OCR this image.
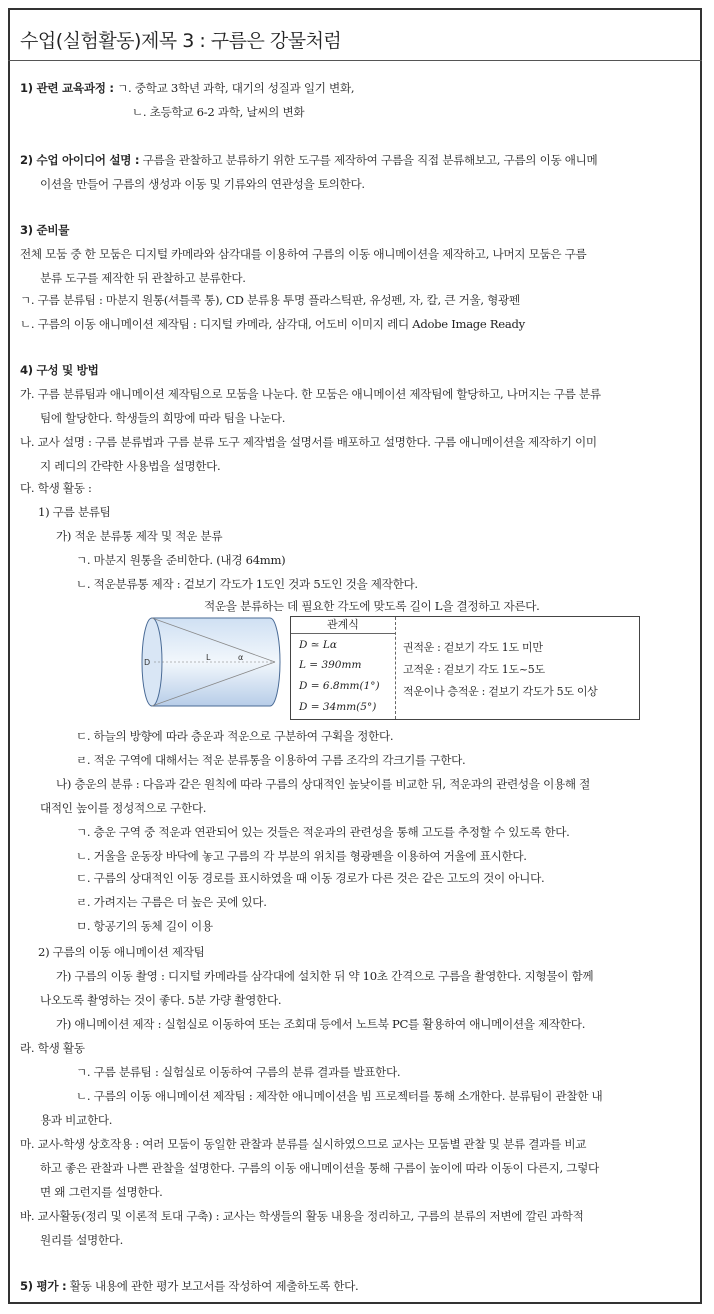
수업(실험활동)제목 3 : 구름은 강물처럼
1) 관련 교육과정 : ㄱ. 중학교 3학년 과학, 대기의 성질과 일기 변화,
ㄴ. 초등학교 6-2 과학, 날씨의 변화
2) 수업 아이디어 설명 : 구름을 관찰하고 분류하기 위한 도구를 제작하여 구름을 직접 분류해보고, 구름의 이동 애니메
이션을 만들어 구름의 생성과 이동 및 기류와의 연관성을 토의한다.
3) 준비물
전체 모둠 중 한 모둠은 디지털 카메라와 삼각대를 이용하여 구름의 이동 애니메이션을 제작하고, 나머지 모둠은 구름
분류 도구를 제작한 뒤 관찰하고 분류한다.
ㄱ. 구름 분류팀 : 마분지 원통(셔틀콕 통), CD 분류용 투명 플라스틱판, 유성펜, 자, 칼, 큰 거울, 형광펜
ㄴ. 구름의 이동 애니메이션 제작팀 : 디지털 카메라, 삼각대, 어도비 이미지 레디 Adobe Image Ready
4) 구성 및 방법
가. 구름 분류팀과 애니메이션 제작팀으로 모둠을 나눈다. 한 모둠은 애니메이션 제작팀에 할당하고, 나머지는 구름 분류
팀에 할당한다. 학생들의 희망에 따라 팀을 나눈다.
나. 교사 설명 : 구름 분류법과 구름 분류 도구 제작법을 설명서를 배포하고 설명한다. 구름 애니메이션을 제작하기 이미
지 레디의 간략한 사용법을 설명한다.
다. 학생 활동 :
1) 구름 분류팀
가) 적운 분류통 제작 및 적운 분류
ㄱ. 마분지 원통을 준비한다. (내경 64mm)
ㄴ. 적운분류통 제작 : 겉보기 각도가 1도인 것과 5도인 것을 제작한다.
적운을 분류하는 데 필요한 각도에 맞도록 길이 L을 결정하고 자른다.
D
L	α
관계식
D ≃ Lα
L = 390mm
D = 6.8mm(1°)
D = 34mm(5°)
권적운 : 겉보기 각도 1도 미만
고적운 : 겉보기 각도 1도~5도
적운이나 층적운 : 겉보기 각도가 5도 이상
ㄷ. 하늘의 방향에 따라 층운과 적운으로 구분하여 구획을 정한다.
ㄹ. 적운 구역에 대해서는 적운 분류통을 이용하여 구름 조각의 각크기를 구한다.
나) 층운의 분류 : 다음과 같은 원칙에 따라 구름의 상대적인 높낮이를 비교한 뒤, 적운과의 관련성을 이용해 절
대적인 높이를 정성적으로 구한다.
ㄱ. 층운 구역 중 적운과 연관되어 있는 것들은 적운과의 관련성을 통해 고도를 추정할 수 있도록 한다.
ㄴ. 거울을 운동장 바닥에 놓고 구름의 각 부분의 위치를 형광펜을 이용하여 거울에 표시한다.
ㄷ. 구름의 상대적인 이동 경로를 표시하였을 때 이동 경로가 다른 것은 같은 고도의 것이 아니다.
ㄹ. 가려지는 구름은 더 높은 곳에 있다.
ㅁ. 항공기의 동체 길이 이용
2) 구름의 이동 애니메이션 제작팀
가) 구름의 이동 촬영 : 디지털 카메라를 삼각대에 설치한 뒤 약 10초 간격으로 구름을 촬영한다. 지형물이 함께
나오도록 촬영하는 것이 좋다. 5분 가량 촬영한다.
가) 애니메이션 제작 : 실험실로 이동하여 또는 조회대 등에서 노트북 PC를 활용하여 애니메이션을 제작한다.
라. 학생 활동
ㄱ. 구름 분류팀 : 실험실로 이동하여 구름의 분류 결과를 발표한다.
ㄴ. 구름의 이동 애니메이션 제작팀 : 제작한 애니메이션을 빔 프로젝터를 통해 소개한다. 분류팀이 관찰한 내
용과 비교한다.
마. 교사-학생 상호작용 : 여러 모둠이 동일한 관찰과 분류를 실시하였으므로 교사는 모둠별 관찰 및 분류 결과를 비교
하고 좋은 관찰과 나쁜 관찰을 설명한다. 구름의 이동 애니메이션을 통해 구름이 높이에 따라 이동이 다른지, 그렇다
면 왜 그런지를 설명한다.
바. 교사활동(정리 및 이론적 토대 구축) : 교사는 학생들의 활동 내용을 정리하고, 구름의 분류의 저변에 깔린 과학적
원리를 설명한다.
5) 평가 : 활동 내용에 관한 평가 보고서를 작성하여 제출하도록 한다.
